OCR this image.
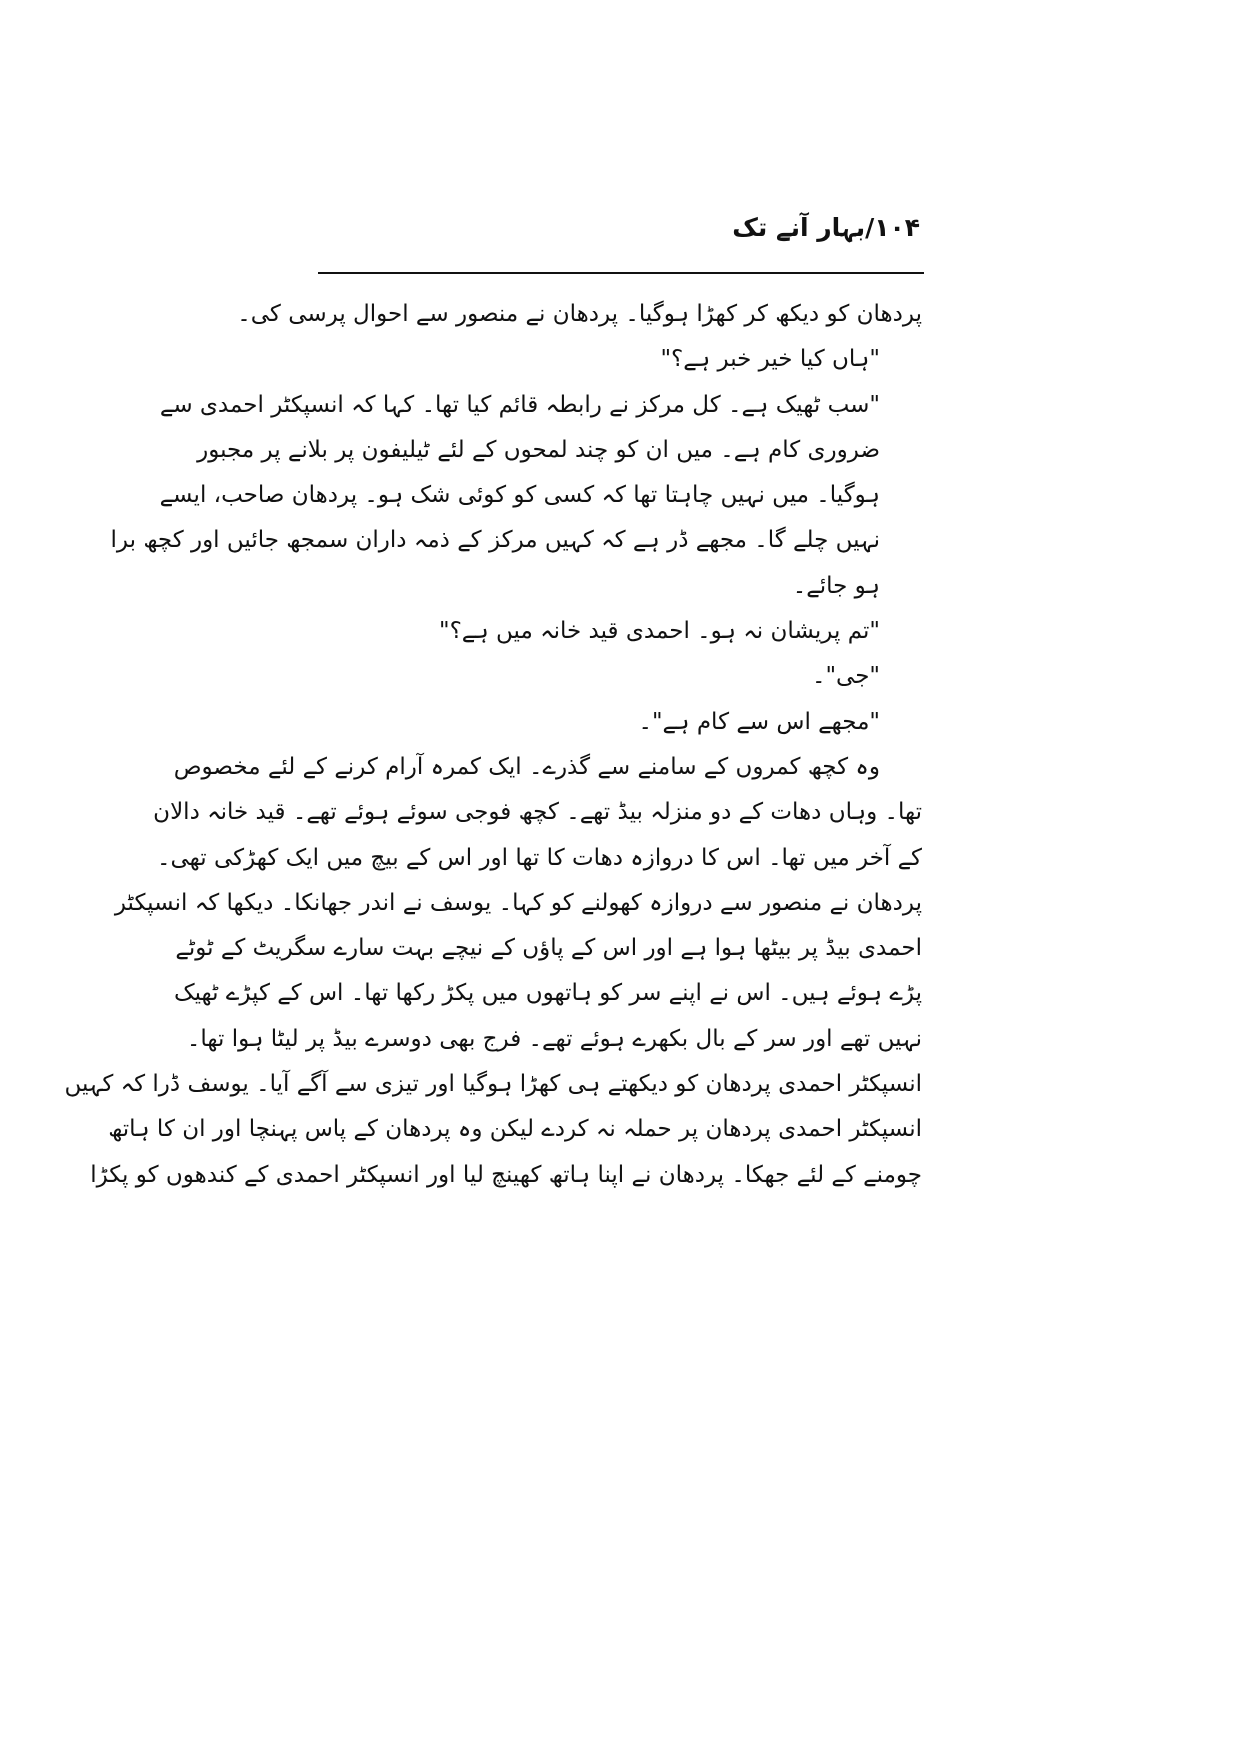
۱۰۴/بہار آنے تک
پردھان کو دیکھ کر کھڑا ہوگیا۔ پردھان نے منصور سے احوال پرسی کی۔
"ہاں کیا خیر خبر ہے؟"
"سب ٹھیک ہے۔ کل مرکز نے رابطہ قائم کیا تھا۔ کہا کہ انسپکٹر احمدی سے
ضروری کام ہے۔ میں ان کو چند لمحوں کے لئے ٹیلیفون پر بلانے پر مجبور
ہوگیا۔ میں نہیں چاہتا تھا کہ کسی کو کوئی شک ہو۔ پردھان صاحب، ایسے
نہیں چلے گا۔ مجھے ڈر ہے کہ کہیں مرکز کے ذمہ داران سمجھ جائیں اور کچھ برا
ہو جائے۔
"تم پریشان نہ ہو۔ احمدی قید خانہ میں ہے؟"
"جی"۔
"مجھے اس سے کام ہے"۔
وہ کچھ کمروں کے سامنے سے گذرے۔ ایک کمرہ آرام کرنے کے لئے مخصوص
تھا۔ وہاں دھات کے دو منزلہ بیڈ تھے۔ کچھ فوجی سوئے ہوئے تھے۔ قید خانہ دالان
کے آخر میں تھا۔ اس کا دروازہ دھات کا تھا اور اس کے بیچ میں ایک کھڑکی تھی۔
پردھان نے منصور سے دروازہ کھولنے کو کہا۔ یوسف نے اندر جھانکا۔ دیکھا کہ انسپکٹر
احمدی بیڈ پر بیٹھا ہوا ہے اور اس کے پاؤں کے نیچے بہت سارے سگریٹ کے ٹوٹے
پڑے ہوئے ہیں۔ اس نے اپنے سر کو ہاتھوں میں پکڑ رکھا تھا۔ اس کے کپڑے ٹھیک
نہیں تھے اور سر کے بال بکھرے ہوئے تھے۔ فرج بھی دوسرے بیڈ پر لیٹا ہوا تھا۔
انسپکٹر احمدی پردھان کو دیکھتے ہی کھڑا ہوگیا اور تیزی سے آگے آیا۔ یوسف ڈرا کہ کہیں
انسپکٹر احمدی پردھان پر حملہ نہ کردے لیکن وہ پردھان کے پاس پہنچا اور ان کا ہاتھ
چومنے کے لئے جھکا۔ پردھان نے اپنا ہاتھ کھینچ لیا اور انسپکٹر احمدی کے کندھوں کو پکڑا
